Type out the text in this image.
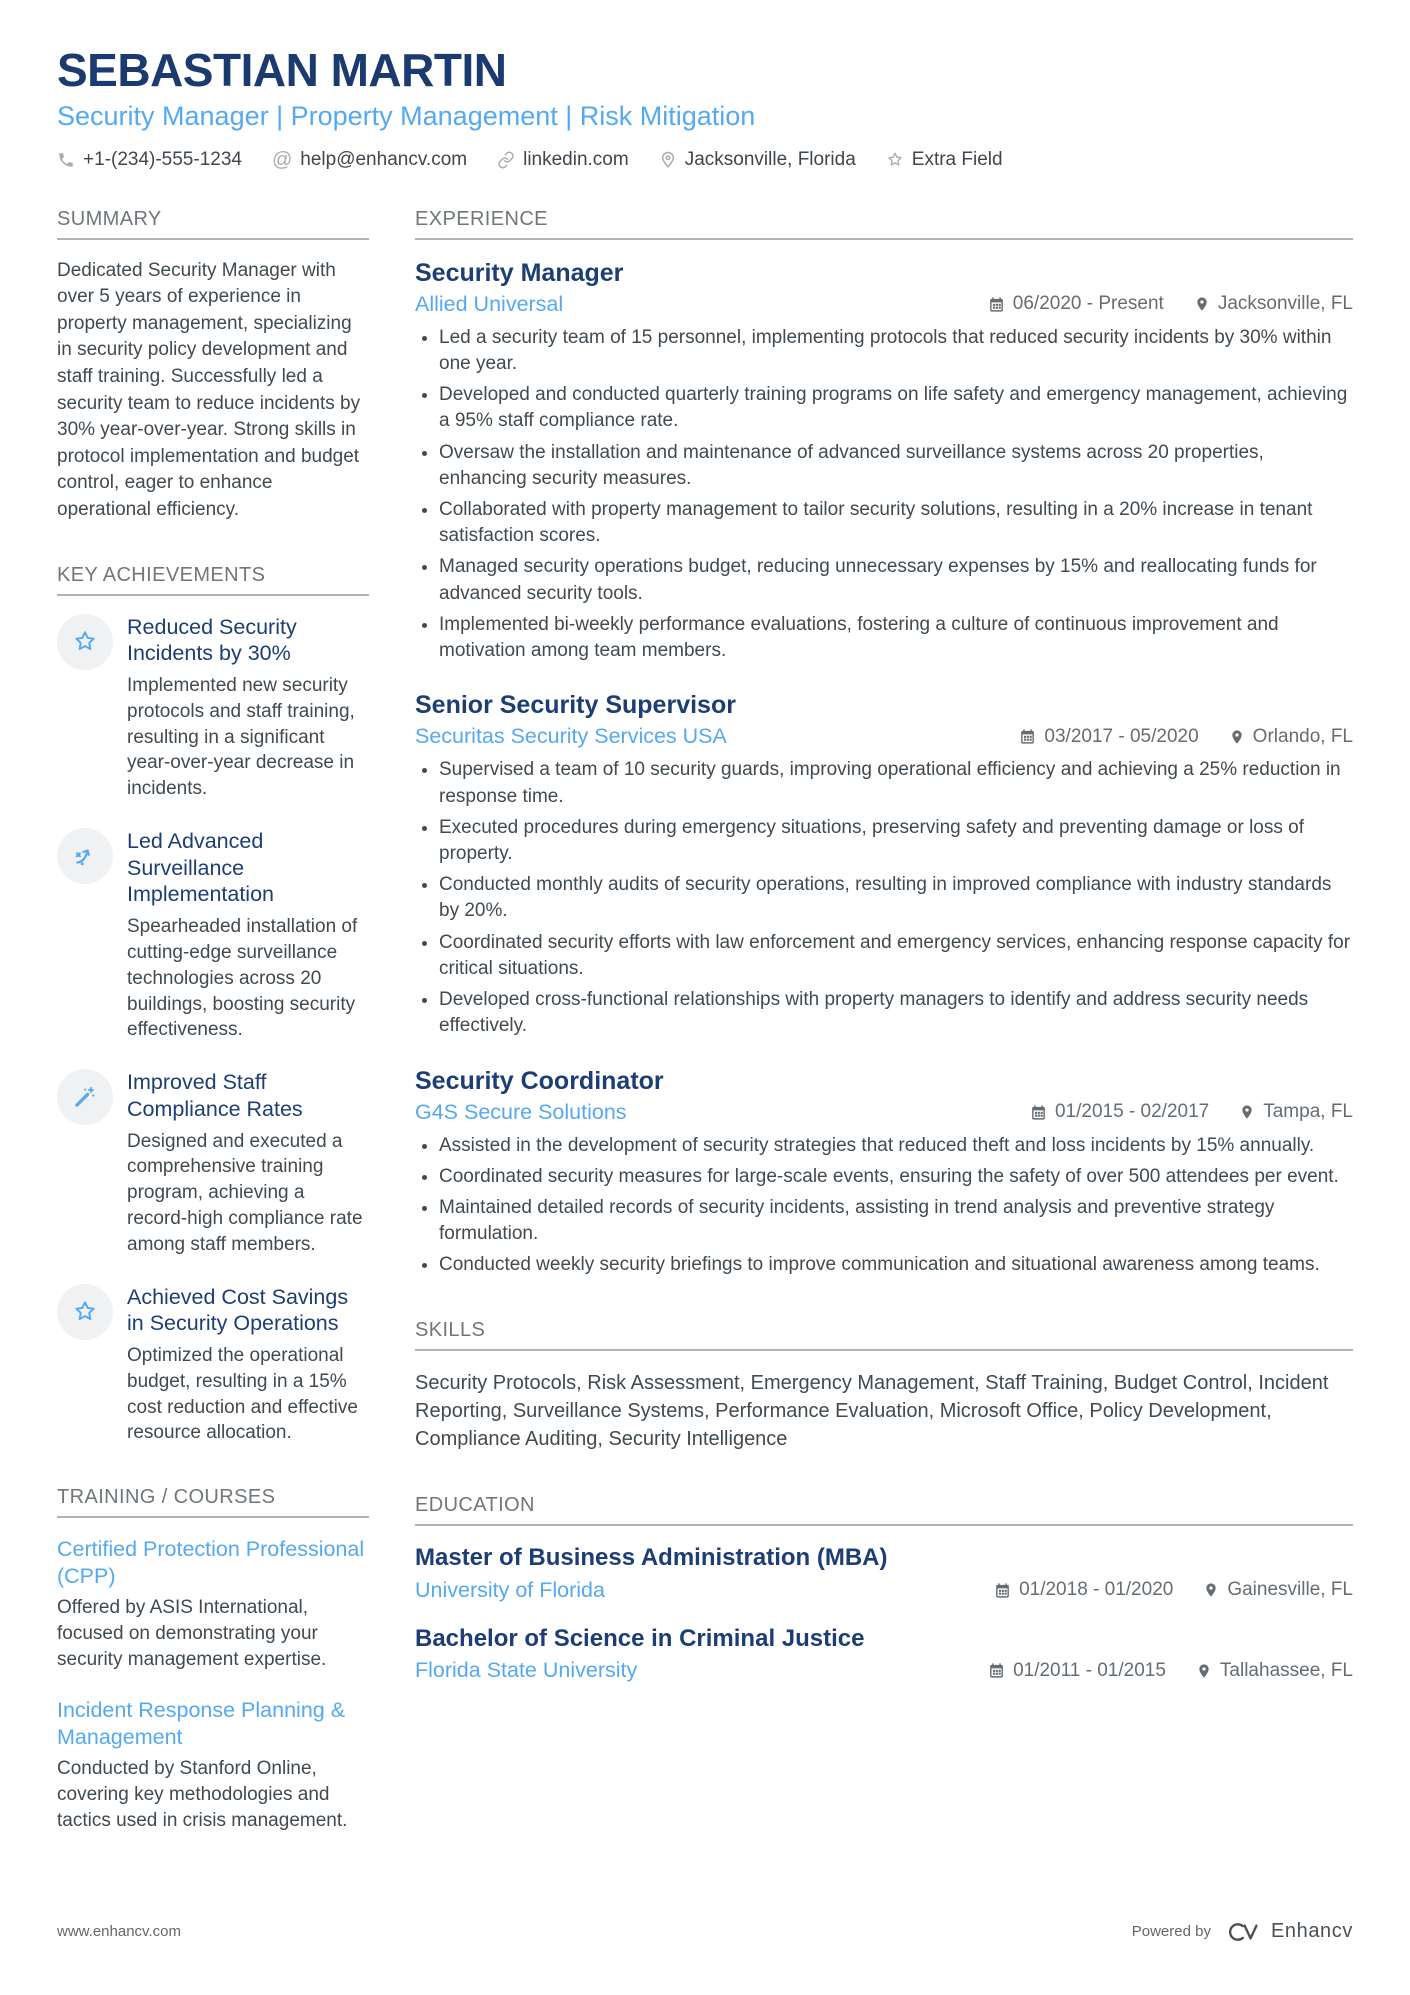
SEBASTIAN MARTIN
Security Manager | Property Management | Risk Mitigation
+1-(234)-555-1234 @ help@enhancv.com	linkedin.com	Jacksonville, Florida	Extra Field
SUMMARY

Dedicated Security Manager with over 5 years of experience in property management, specializing in security policy development and staff training. Successfully led a security team to reduce incidents by 30% year-over-year. Strong skills in protocol implementation and budget control, eager to enhance operational efficiency.

KEY ACHIEVEMENTS
Reduced Security Incidents by 30%
Implemented new security protocols and staff training, resulting in a significant year-over-year decrease in incidents.
Led Advanced Surveillance Implementation
Spearheaded installation of cutting-edge surveillance technologies across 20 buildings, boosting security effectiveness.
Improved Staff Compliance Rates
Designed and executed a comprehensive training program, achieving a record-high compliance rate among staff members.
Achieved Cost Savings in Security Operations
Optimized the operational budget, resulting in a 15% cost reduction and effective resource allocation.
TRAINING / COURSES
Certified Protection Professional (CPP)
Offered by ASIS International, focused on demonstrating your security management expertise.
Incident Response Planning & Management
Conducted by Stanford Online, covering key methodologies and tactics used in crisis management.
EXPERIENCE
Security Manager
Allied Universal	06/2020 - Present	Jacksonville, FL
• Led a security team of 15 personnel, implementing protocols that reduced security incidents by 30% within one year.
• Developed and conducted quarterly training programs on life safety and emergency management, achieving a 95% staff compliance rate.
• Oversaw the installation and maintenance of advanced surveillance systems across 20 properties, enhancing security measures.
• Collaborated with property management to tailor security solutions, resulting in a 20% increase in tenant satisfaction scores.
• Managed security operations budget, reducing unnecessary expenses by 15% and reallocating funds for advanced security tools.
• Implemented bi-weekly performance evaluations, fostering a culture of continuous improvement and motivation among team members.
Senior Security Supervisor
Securitas Security Services USA	03/2017 - 05/2020	Orlando, FL
• Supervised a team of 10 security guards, improving operational efficiency and achieving a 25% reduction in response time.
• Executed procedures during emergency situations, preserving safety and preventing damage or loss of property.
• Conducted monthly audits of security operations, resulting in improved compliance with industry standards by 20%.
• Coordinated security efforts with law enforcement and emergency services, enhancing response capacity for critical situations.
• Developed cross-functional relationships with property managers to identify and address security needs effectively.
Security Coordinator
G4S Secure Solutions	01/2015 - 02/2017	Tampa, FL
• Assisted in the development of security strategies that reduced theft and loss incidents by 15% annually.
• Coordinated security measures for large-scale events, ensuring the safety of over 500 attendees per event.
• Maintained detailed records of security incidents, assisting in trend analysis and preventive strategy formulation.
• Conducted weekly security briefings to improve communication and situational awareness among teams.
SKILLS

Security Protocols, Risk Assessment, Emergency Management, Staff Training, Budget Control, Incident Reporting, Surveillance Systems, Performance Evaluation, Microsoft Office, Policy Development, Compliance Auditing, Security Intelligence

EDUCATION
Master of Business Administration (MBA)
University of Florida	01/2018 - 01/2020	Gainesville, FL
Bachelor of Science in Criminal Justice
Florida State University	01/2011 - 01/2015	Tallahassee, FL
www.enhancv.com	Powered by	Enhancv
